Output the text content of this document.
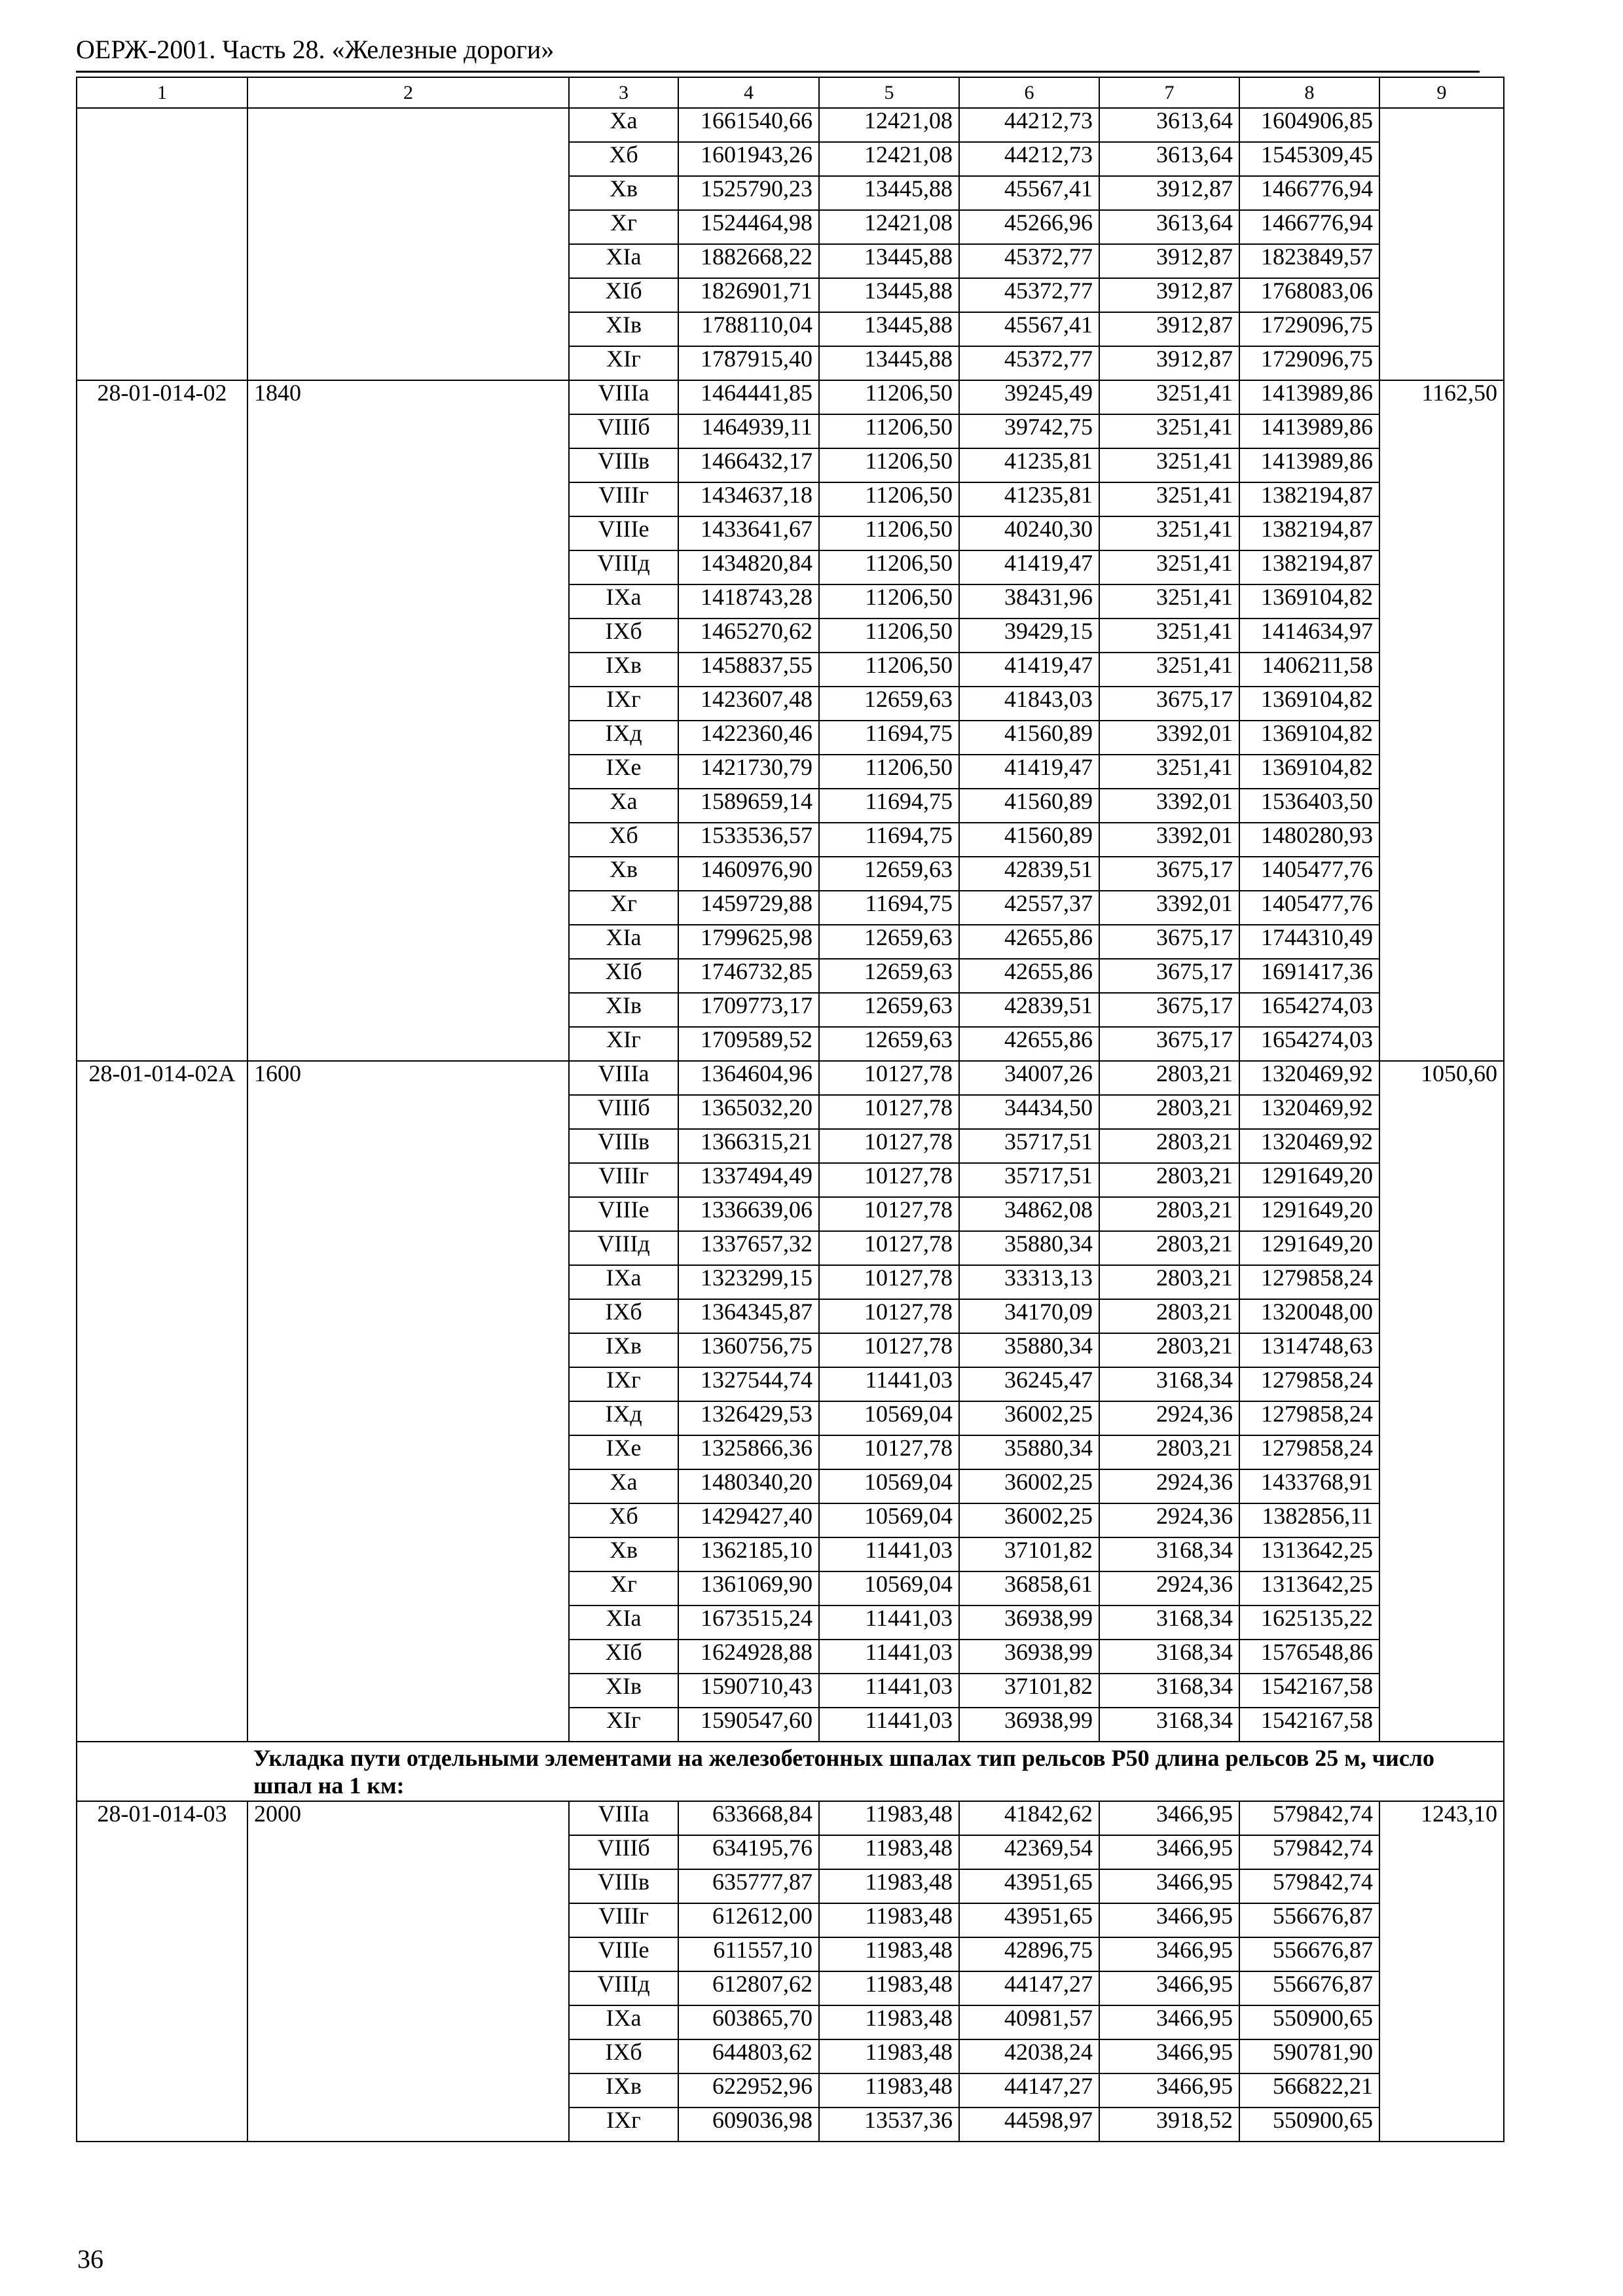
ОЕРЖ-2001. Часть 28. «Железные дороги»
1	2	3	4	5	6	7	8	9
		Xа	1661540,66	12421,08	44212,73	3613,64	1604906,85	
		Xб	1601943,26	12421,08	44212,73	3613,64	1545309,45	
		Xв	1525790,23	13445,88	45567,41	3912,87	1466776,94	
		Xг	1524464,98	12421,08	45266,96	3613,64	1466776,94	
		XIа	1882668,22	13445,88	45372,77	3912,87	1823849,57	
		XIб	1826901,71	13445,88	45372,77	3912,87	1768083,06	
		XIв	1788110,04	13445,88	45567,41	3912,87	1729096,75	
		XIг	1787915,40	13445,88	45372,77	3912,87	1729096,75	
28-01-014-02	1840	VIIIа	1464441,85	11206,50	39245,49	3251,41	1413989,86	1162,50
		VIIIб	1464939,11	11206,50	39742,75	3251,41	1413989,86	
		VIIIв	1466432,17	11206,50	41235,81	3251,41	1413989,86	
		VIIIг	1434637,18	11206,50	41235,81	3251,41	1382194,87	
		VIIIе	1433641,67	11206,50	40240,30	3251,41	1382194,87	
		VIIIд	1434820,84	11206,50	41419,47	3251,41	1382194,87	
		IXа	1418743,28	11206,50	38431,96	3251,41	1369104,82	
		IXб	1465270,62	11206,50	39429,15	3251,41	1414634,97	
		IXв	1458837,55	11206,50	41419,47	3251,41	1406211,58	
		IXг	1423607,48	12659,63	41843,03	3675,17	1369104,82	
		IXд	1422360,46	11694,75	41560,89	3392,01	1369104,82	
		IXе	1421730,79	11206,50	41419,47	3251,41	1369104,82	
		Xа	1589659,14	11694,75	41560,89	3392,01	1536403,50	
		Xб	1533536,57	11694,75	41560,89	3392,01	1480280,93	
		Xв	1460976,90	12659,63	42839,51	3675,17	1405477,76	
		Xг	1459729,88	11694,75	42557,37	3392,01	1405477,76	
		XIа	1799625,98	12659,63	42655,86	3675,17	1744310,49	
		XIб	1746732,85	12659,63	42655,86	3675,17	1691417,36	
		XIв	1709773,17	12659,63	42839,51	3675,17	1654274,03	
		XIг	1709589,52	12659,63	42655,86	3675,17	1654274,03	
28-01-014-02А	1600	VIIIа	1364604,96	10127,78	34007,26	2803,21	1320469,92	1050,60
		VIIIб	1365032,20	10127,78	34434,50	2803,21	1320469,92	
		VIIIв	1366315,21	10127,78	35717,51	2803,21	1320469,92	
		VIIIг	1337494,49	10127,78	35717,51	2803,21	1291649,20	
		VIIIе	1336639,06	10127,78	34862,08	2803,21	1291649,20	
		VIIIд	1337657,32	10127,78	35880,34	2803,21	1291649,20	
		IXа	1323299,15	10127,78	33313,13	2803,21	1279858,24	
		IXб	1364345,87	10127,78	34170,09	2803,21	1320048,00	
		IXв	1360756,75	10127,78	35880,34	2803,21	1314748,63	
		IXг	1327544,74	11441,03	36245,47	3168,34	1279858,24	
		IXд	1326429,53	10569,04	36002,25	2924,36	1279858,24	
		IXе	1325866,36	10127,78	35880,34	2803,21	1279858,24	
		Xа	1480340,20	10569,04	36002,25	2924,36	1433768,91	
		Xб	1429427,40	10569,04	36002,25	2924,36	1382856,11	
		Xв	1362185,10	11441,03	37101,82	3168,34	1313642,25	
		Xг	1361069,90	10569,04	36858,61	2924,36	1313642,25	
		XIа	1673515,24	11441,03	36938,99	3168,34	1625135,22	
		XIб	1624928,88	11441,03	36938,99	3168,34	1576548,86	
		XIв	1590710,43	11441,03	37101,82	3168,34	1542167,58	
		XIг	1590547,60	11441,03	36938,99	3168,34	1542167,58	
	Укладка пути отдельными элементами на железобетонных шпалах тип рельсов Р50 длина рельсов 25 м, число шпал на 1 км:							
28-01-014-03	2000	VIIIа	633668,84	11983,48	41842,62	3466,95	579842,74	1243,10
		VIIIб	634195,76	11983,48	42369,54	3466,95	579842,74	
		VIIIв	635777,87	11983,48	43951,65	3466,95	579842,74	
		VIIIг	612612,00	11983,48	43951,65	3466,95	556676,87	
		VIIIе	611557,10	11983,48	42896,75	3466,95	556676,87	
		VIIIд	612807,62	11983,48	44147,27	3466,95	556676,87	
		IXа	603865,70	11983,48	40981,57	3466,95	550900,65	
		IXб	644803,62	11983,48	42038,24	3466,95	590781,90	
		IXв	622952,96	11983,48	44147,27	3466,95	566822,21	
		IXг	609036,98	13537,36	44598,97	3918,52	550900,65	
36
